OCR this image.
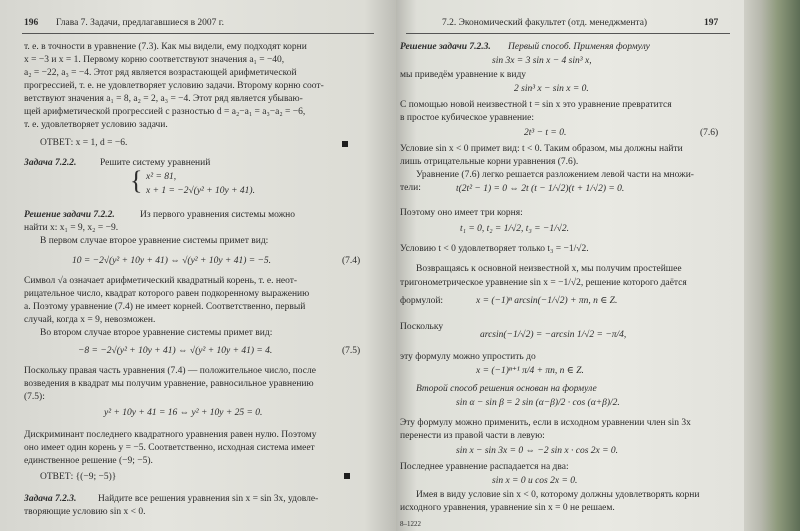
196 Глава 7. Задачи, предлагавшиеся в 2007 г.
т. е. в точности в уравнение (7.3). Как мы видели, ему подходят корни
x = −3 и x = 1. Первому корню соответствуют значения a₁ = −40,
a₂ = −22, a₃ = −4. Этот ряд является возрастающей арифметической
прогрессией, т. е. не удовлетворяет условию задачи. Второму корню соот-
ветствуют значения a₁ = 8, a₂ = 2, a₃ = −4. Этот ряд является убываю-
щей арифметической прогрессией с разностью d = a₂−a₁ = a₃−a₂ = −6,
т. е. удовлетворяет условию задачи.
ОТВЕТ: x = 1, d = −6.
Задача 7.2.2. Решите систему уравнений
{ x² = 81,
x + 1 = −2√(y² + 10y + 41).
Решение задачи 7.2.2.	Из первого уравнения системы можно
найти x: x₁ = 9, x₂ = −9.
В первом случае второе уравнение системы примет вид:
10 = −2√(y² + 10y + 41) ⇔ √(y² + 10y + 41) = −5.	(7.4)
Символ √a означает арифметический квадратный корень, т. е. неот-
рицательное число, квадрат которого равен подкоренному выражению
a. Поэтому уравнение (7.4) не имеет корней. Соответственно, первый
случай, когда x = 9, невозможен.
Во втором случае второе уравнение системы примет вид:
−8 = −2√(y² + 10y + 41) ⇔ √(y² + 10y + 41) = 4.	(7.5)
Поскольку правая часть уравнения (7.4) — положительное число, после
возведения в квадрат мы получим уравнение, равносильное уравнению
(7.5):
y² + 10y + 41 = 16 ⇔ y² + 10y + 25 = 0.
Дискриминант последнего квадратного уравнения равен нулю. Поэтому
оно имеет один корень y = −5. Соответственно, исходная система имеет
единственное решение (−9; −5).
ОТВЕТ: {(−9; −5)}
Задача 7.2.3. Найдите все решения уравнения sin x = sin 3x, удовле-
творяющие условию sin x < 0.
7.2. Экономический факультет (отд. менеджмента)	197
Решение задачи 7.2.3. Первый способ. Применяя формулу
sin 3x = 3 sin x − 4 sin³ x,
мы приведём уравнение к виду
2 sin³ x − sin x = 0.
С помощью новой неизвестной t = sin x это уравнение превратится
в простое кубическое уравнение:
2t³ − t = 0.	(7.6)
Условие sin x < 0 примет вид: t < 0. Таким образом, мы должны найти
лишь отрицательные корни уравнения (7.6).
Уравнение (7.6) легко решается разложением левой части на множи-
тели:	t(2t² − 1) = 0 ⇔ 2t (t − 1/√2)(t + 1/√2) = 0.
Поэтому оно имеет три корня:
t₁ = 0, t₂ = 1/√2, t₃ = −1/√2.
Условию t < 0 удовлетворяет только t₃ = −1/√2.
Возвращаясь к основной неизвестной x, мы получим простейшее
тригонометрическое уравнение sin x = −1/√2, решение которого даётся
формулой:	x = (−1)ⁿ arcsin(−1/√2) + πn, n ∈ Z.
Поскольку
arcsin(−1/√2) = −arcsin 1/√2 = −π/4,
эту формулу можно упростить до
x = (−1)ⁿ⁺¹ π/4 + πn, n ∈ Z.
Второй способ решения основан на формуле
sin α − sin β = 2 sin (α−β)/2 · cos (α+β)/2.
Эту формулу можно применить, если в исходном уравнении член sin 3x
перенести из правой части в левую:
sin x − sin 3x = 0 ⇔ −2 sin x · cos 2x = 0.
Последнее уравнение распадается на два:
sin x = 0 и cos 2x = 0.
Имея в виду условие sin x < 0, которому должны удовлетворять корни
исходного уравнения, уравнение sin x = 0 не решаем.
8–1222
